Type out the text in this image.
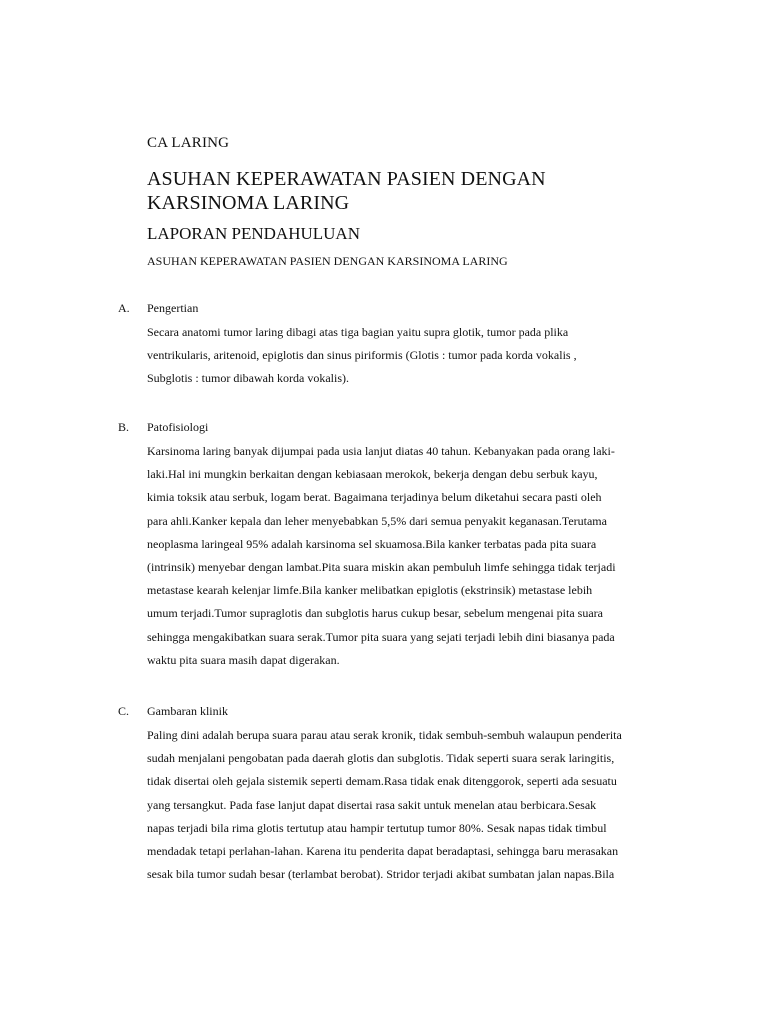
CA LARING
ASUHAN KEPERAWATAN PASIEN DENGAN
KARSINOMA LARING
LAPORAN PENDAHULUAN
ASUHAN KEPERAWATAN PASIEN DENGAN KARSINOMA LARING
A. Pengertian
Secara anatomi tumor laring dibagi atas tiga bagian yaitu supra glotik, tumor pada plika
ventrikularis, aritenoid, epiglotis dan sinus piriformis (Glotis : tumor pada korda vokalis ,
Subglotis : tumor dibawah korda vokalis).
B. Patofisiologi
Karsinoma laring banyak dijumpai pada usia lanjut diatas 40 tahun. Kebanyakan pada orang laki-
laki.Hal ini mungkin berkaitan dengan kebiasaan merokok, bekerja dengan debu serbuk kayu,
kimia toksik atau serbuk, logam berat. Bagaimana terjadinya belum diketahui secara pasti oleh
para ahli.Kanker kepala dan leher menyebabkan 5,5% dari semua penyakit keganasan.Terutama
neoplasma laringeal 95% adalah karsinoma sel skuamosa.Bila kanker terbatas pada pita suara
(intrinsik) menyebar dengan lambat.Pita suara miskin akan pembuluh limfe sehingga tidak terjadi
metastase kearah kelenjar limfe.Bila kanker melibatkan epiglotis (ekstrinsik) metastase lebih
umum terjadi.Tumor supraglotis dan subglotis harus cukup besar, sebelum mengenai pita suara
sehingga mengakibatkan suara serak.Tumor pita suara yang sejati terjadi lebih dini biasanya pada
waktu pita suara masih dapat digerakan.
C. Gambaran klinik
Paling dini adalah berupa suara parau atau serak kronik, tidak sembuh-sembuh walaupun penderita
sudah menjalani pengobatan pada daerah glotis dan subglotis. Tidak seperti suara serak laringitis,
tidak disertai oleh gejala sistemik seperti demam.Rasa tidak enak ditenggorok, seperti ada sesuatu
yang tersangkut. Pada fase lanjut dapat disertai rasa sakit untuk menelan atau berbicara.Sesak
napas terjadi bila rima glotis tertutup atau hampir tertutup tumor 80%. Sesak napas tidak timbul
mendadak tetapi perlahan-lahan. Karena itu penderita dapat beradaptasi, sehingga baru merasakan
sesak bila tumor sudah besar (terlambat berobat). Stridor terjadi akibat sumbatan jalan napas.Bila
